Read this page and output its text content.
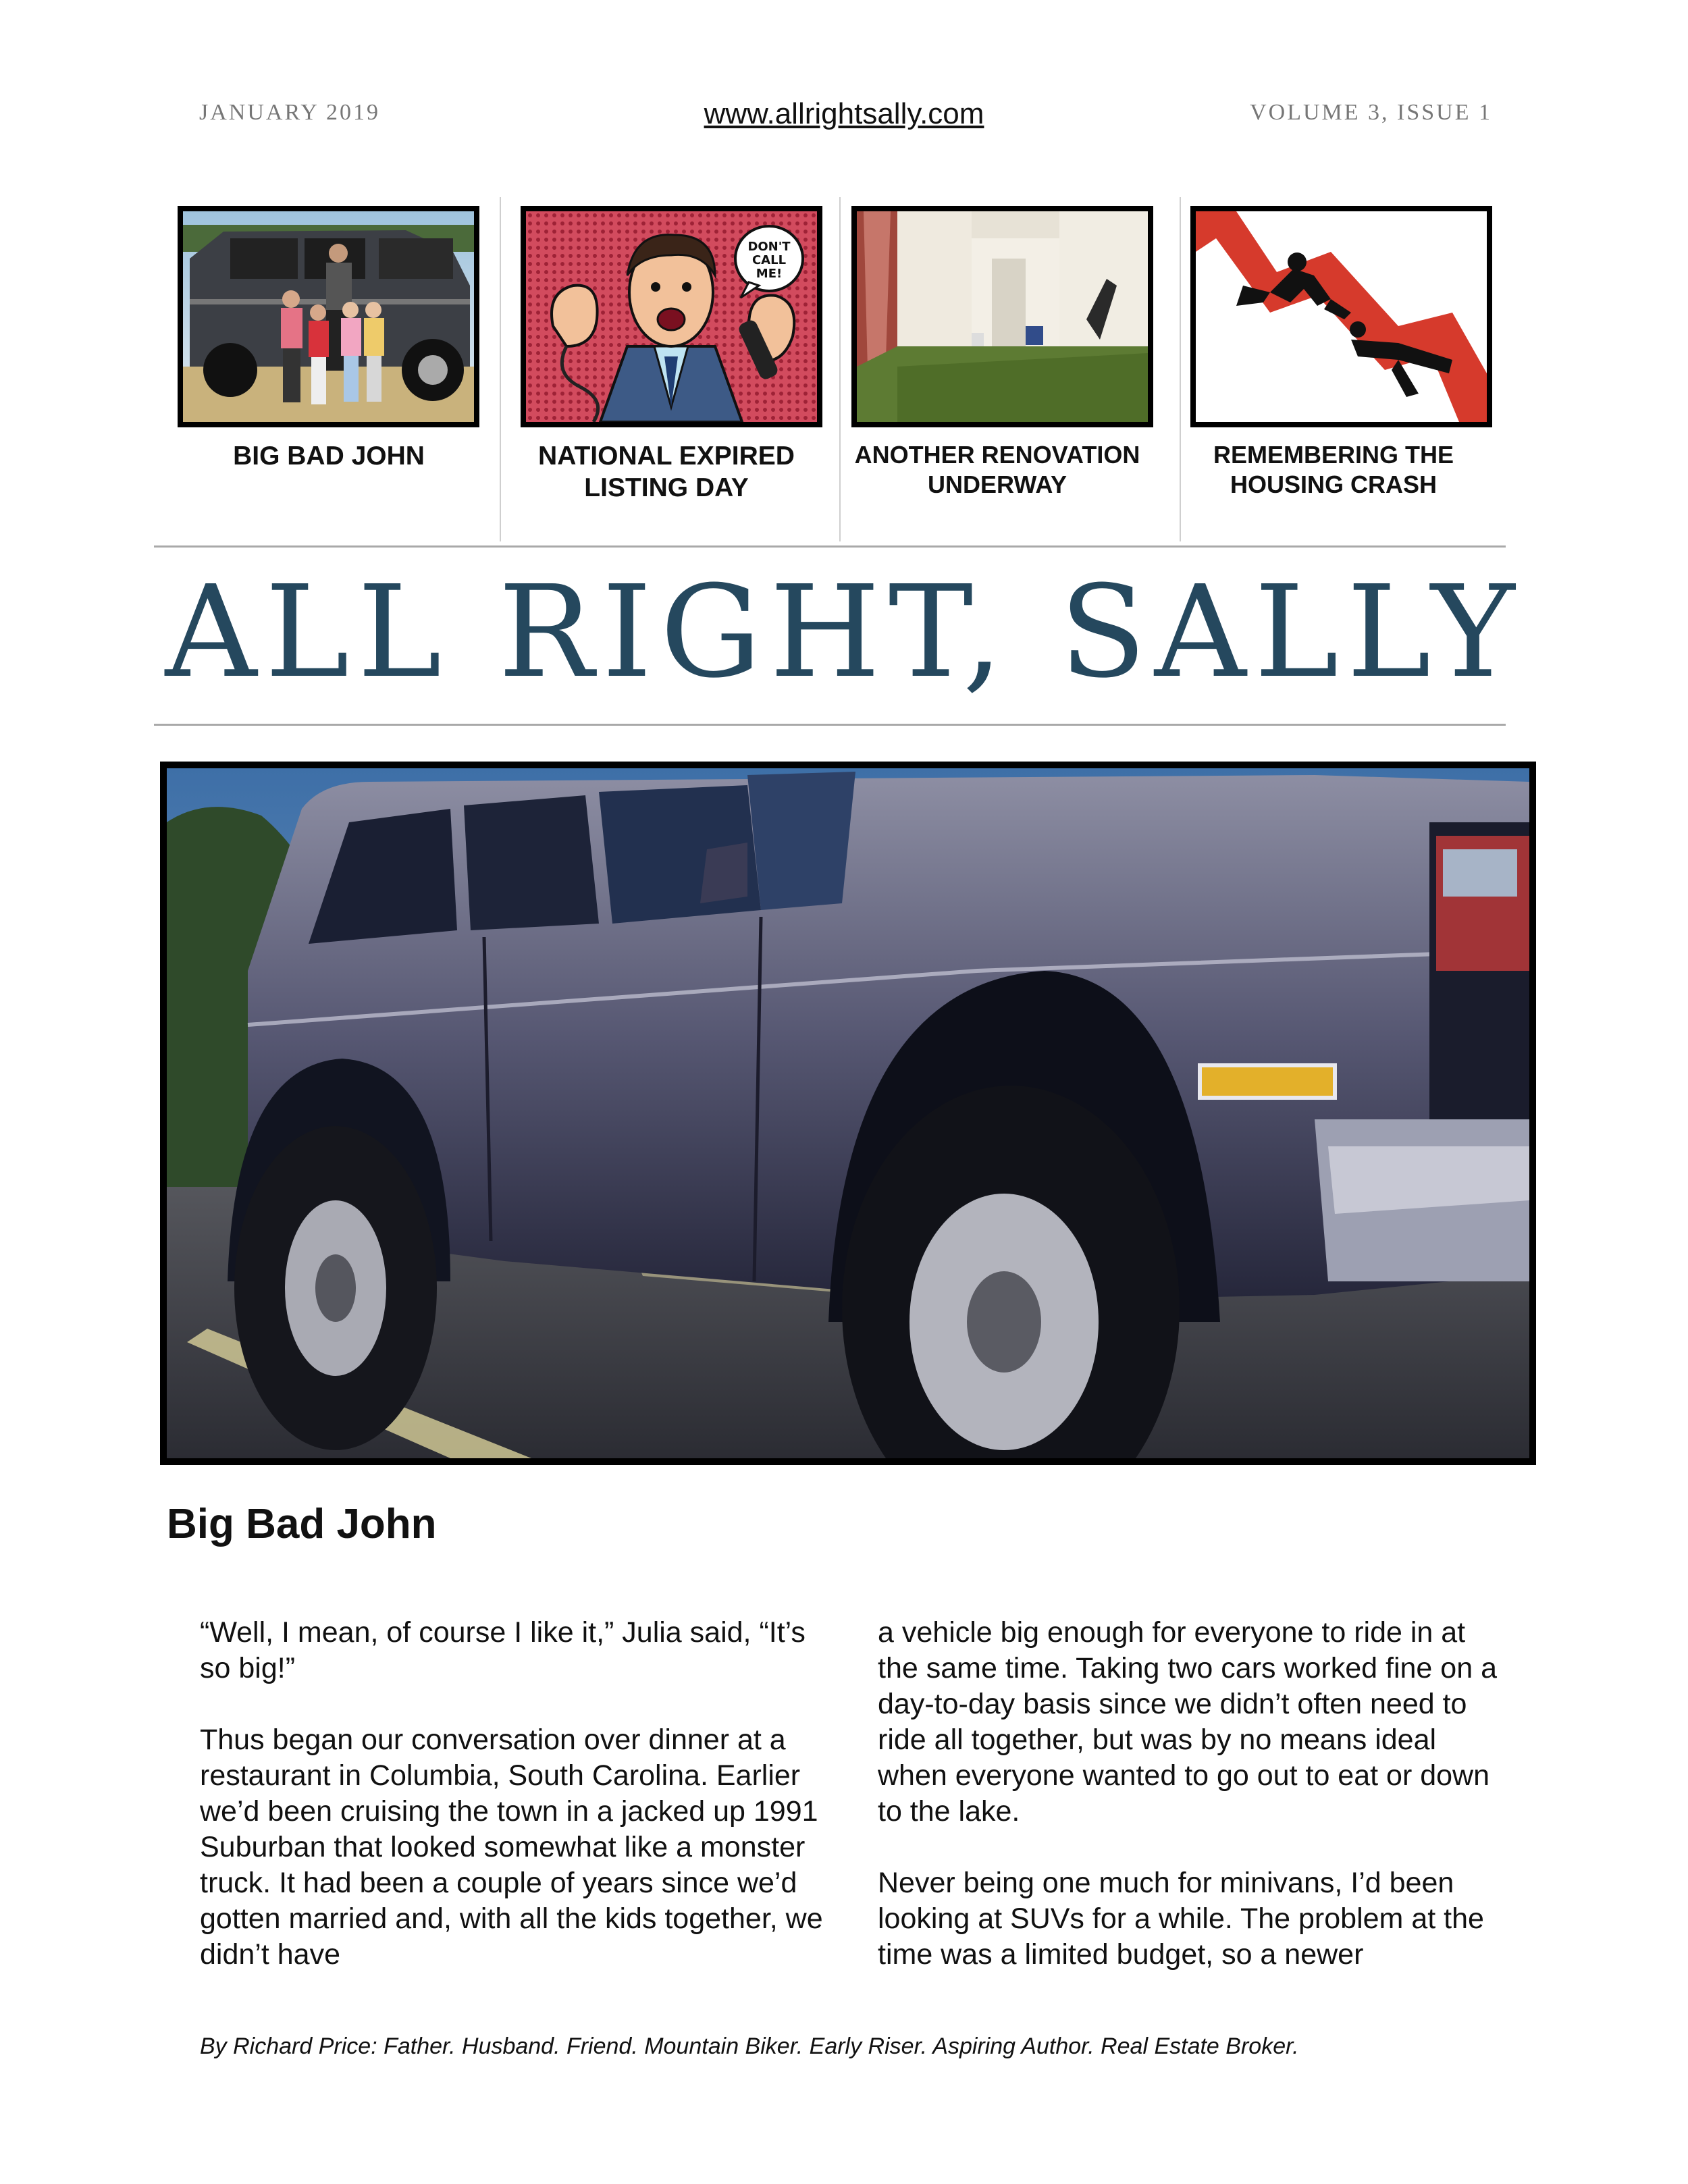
JANUARY 2019	www.allrightsally.com	VOLUME 3, ISSUE 1
BIG BAD JOHN
DON'T
CALL
ME!
NATIONAL EXPIRED
LISTING DAY
ANOTHER RENOVATION
UNDERWAY
REMEMBERING THE
HOUSING CRASH
ALL RIGHT, SALLY
Big Bad John

“Well, I mean, of course I like it,” Julia said, “It’s so big!”

Thus began our conversation over dinner at a restaurant in Columbia, South Carolina. Earlier we’d been cruising the town in a jacked up 1991 Suburban that looked somewhat like a monster truck. It had been a couple of years since we’d gotten married and, with all the kids together, we didn’t have

a vehicle big enough for everyone to ride in at the same time. Taking two cars worked fine on a day-to-day basis since we didn’t often need to ride all together, but was by no means ideal when everyone wanted to go out to eat or down to the lake.

Never being one much for minivans, I’d been looking at SUVs for a while. The problem at the time was a limited budget, so a newer

By Richard Price: Father. Husband. Friend. Mountain Biker. Early Riser. Aspiring Author. Real Estate Broker.
